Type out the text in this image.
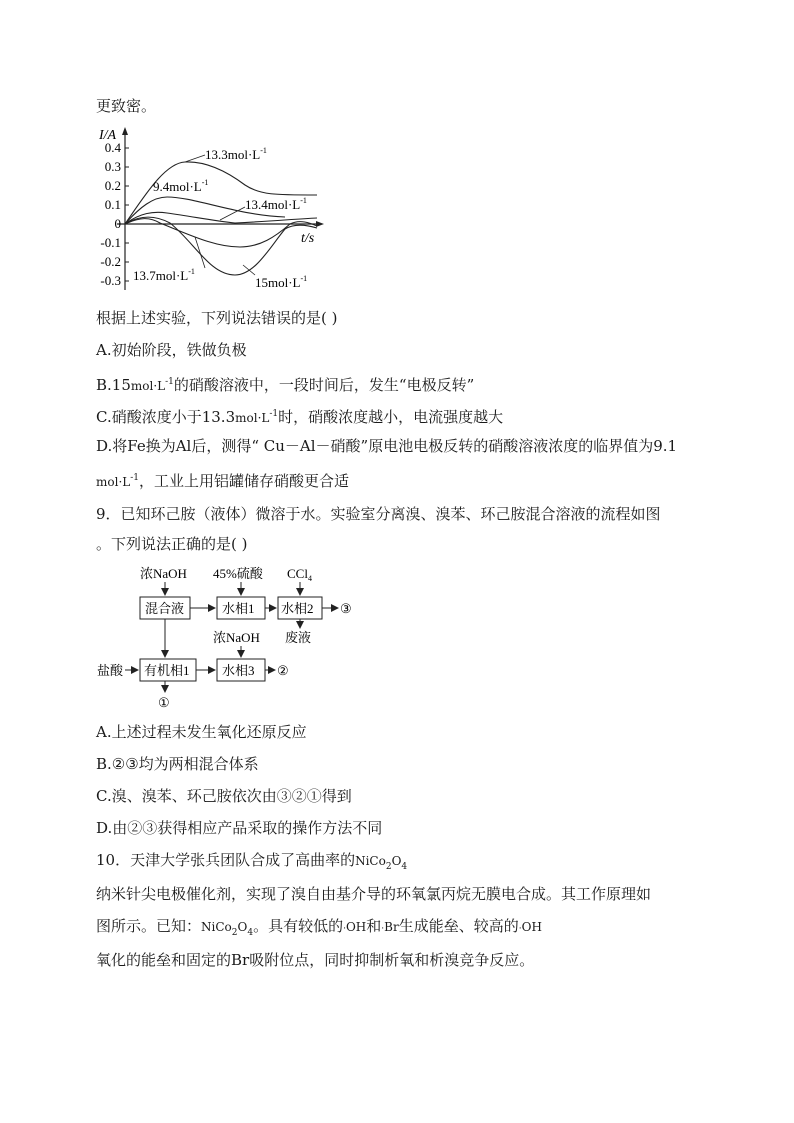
更致密。
I/A
t/s
0.4
0.3
0.2
0.1
0
-0.1
-0.2
-0.3
$13.3mol\cdot L^{-1}$
$9.4mol\cdot L^{-1}$
$13.4mol\cdot L^{-1}$
$13.7mol\cdot L^{-1}$
$15mol\cdot L^{-1}$
根据上述实验，下列说法错误的是( )
A.初始阶段，铁做负极
$B.15mol\cdot L^{-1}$的硝酸溶液中，一段时间后，发生“电极反转”
C.硝酸浓度小于$13.3mol\cdot L^{-1}$时，硝酸浓度越小，电流强度越大
D.将Fe换为Al后，测得“ Cu－Al－硝酸”原电池电极反转的硝酸溶液浓度的临界值为9.1
$mol\cdot L^{-1}$，工业上用铝罐储存硝酸更合适
9．已知环己胺（液体）微溶于水。实验室分离溴、溴苯、环己胺混合溶液的流程如图
。下列说法正确的是( )
浓NaOH 45%硫酸 CCl$_4$
混合液	水相1 水相2 ③
废液
浓NaOH
盐酸 有机相1 水相3 ②
①
A.上述过程未发生氧化还原反应
B.②③均为两相混合体系
C.溴、溴苯、环己胺依次由③②①得到
D.由②③获得相应产品采取的操作方法不同
10．天津大学张兵团队合成了高曲率的$NiCo_2O_4$
纳米针尖电极催化剂，实现了溴自由基介导的环氧氯丙烷无膜电合成。其工作原理如
图所示。已知：$NiCo_2O_4$。具有较低的·OH和·Br生成能垒、较高的·OH
氧化的能垒和固定的Br吸附位点，同时抑制析氧和析溴竞争反应。
